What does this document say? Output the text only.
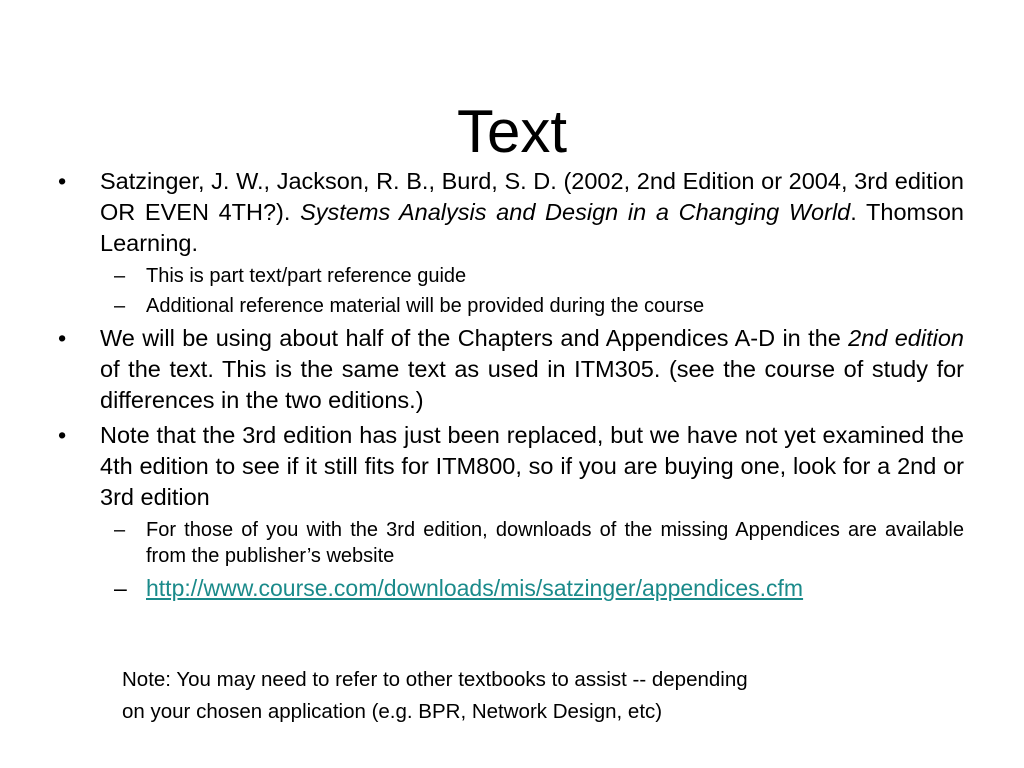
Text
• Satzinger, J. W., Jackson, R. B., Burd, S. D. (2002, 2nd Edition or 2004, 3rd edition OR EVEN 4TH?). Systems Analysis and Design in a Changing World. Thomson Learning.
– This is part text/part reference guide
– Additional reference material will be provided during the course
• We will be using about half of the Chapters and Appendices A-D in the 2nd edition of the text. This is the same text as used in ITM305. (see the course of study for differences in the two editions.)
• Note that the 3rd edition has just been replaced, but we have not yet examined the 4th edition to see if it still fits for ITM800, so if you are buying one, look for a 2nd or 3rd edition
– For those of you with the 3rd edition, downloads of the missing Appendices are available from the publisher’s website
– http://www.course.com/downloads/mis/satzinger/appendices.cfm
Note: You may need to refer to other textbooks to assist -- depending
on your chosen application (e.g. BPR, Network Design, etc)
